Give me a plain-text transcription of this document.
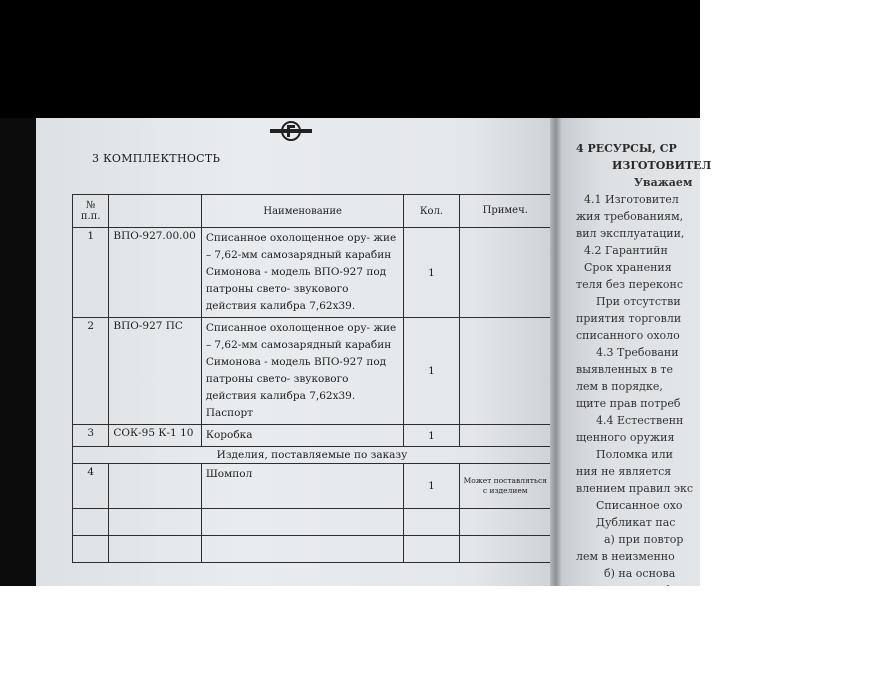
3 КОМПЛЕКТНОСТЬ
№ п.п.		Наименование	Кол.	Примеч.
1	ВПО-927.00.00	Списанное охолощенное ору- жие – 7,62-мм самозарядный карабин Симонова - модель ВПО-927 под патроны свето- звукового действия калибра 7,62х39.	1	
2	ВПО-927 ПС	Списанное охолощенное ору- жие – 7,62-мм самозарядный карабин Симонова - модель ВПО-927 под патроны свето- звукового действия калибра 7,62х39. Паспорт	1	
3	СОК-95 К-1 10	Коробка	1	
Изделия, поставляемые по заказу				
4		Шомпол	1	Может поставляться с изделием

4 РЕСУРСЫ, СР
ИЗГОТОВИТЕЛ
Уважаем
4.1 Изготовител
жия требованиям,
вил эксплуатации,
4.2 Гарантийн
Срок хранения
теля без переконс
При отсутстви
приятия торговли
списанного охоло
4.3 Требовани
выявленных в те
лем в порядке,
щите прав потреб
4.4 Естественн
щенного оружия
Поломка или
ния не является
влением правил экс
Списанное охо
Дубликат пас
а) при повтор
лем в неизменно
б) на основа
